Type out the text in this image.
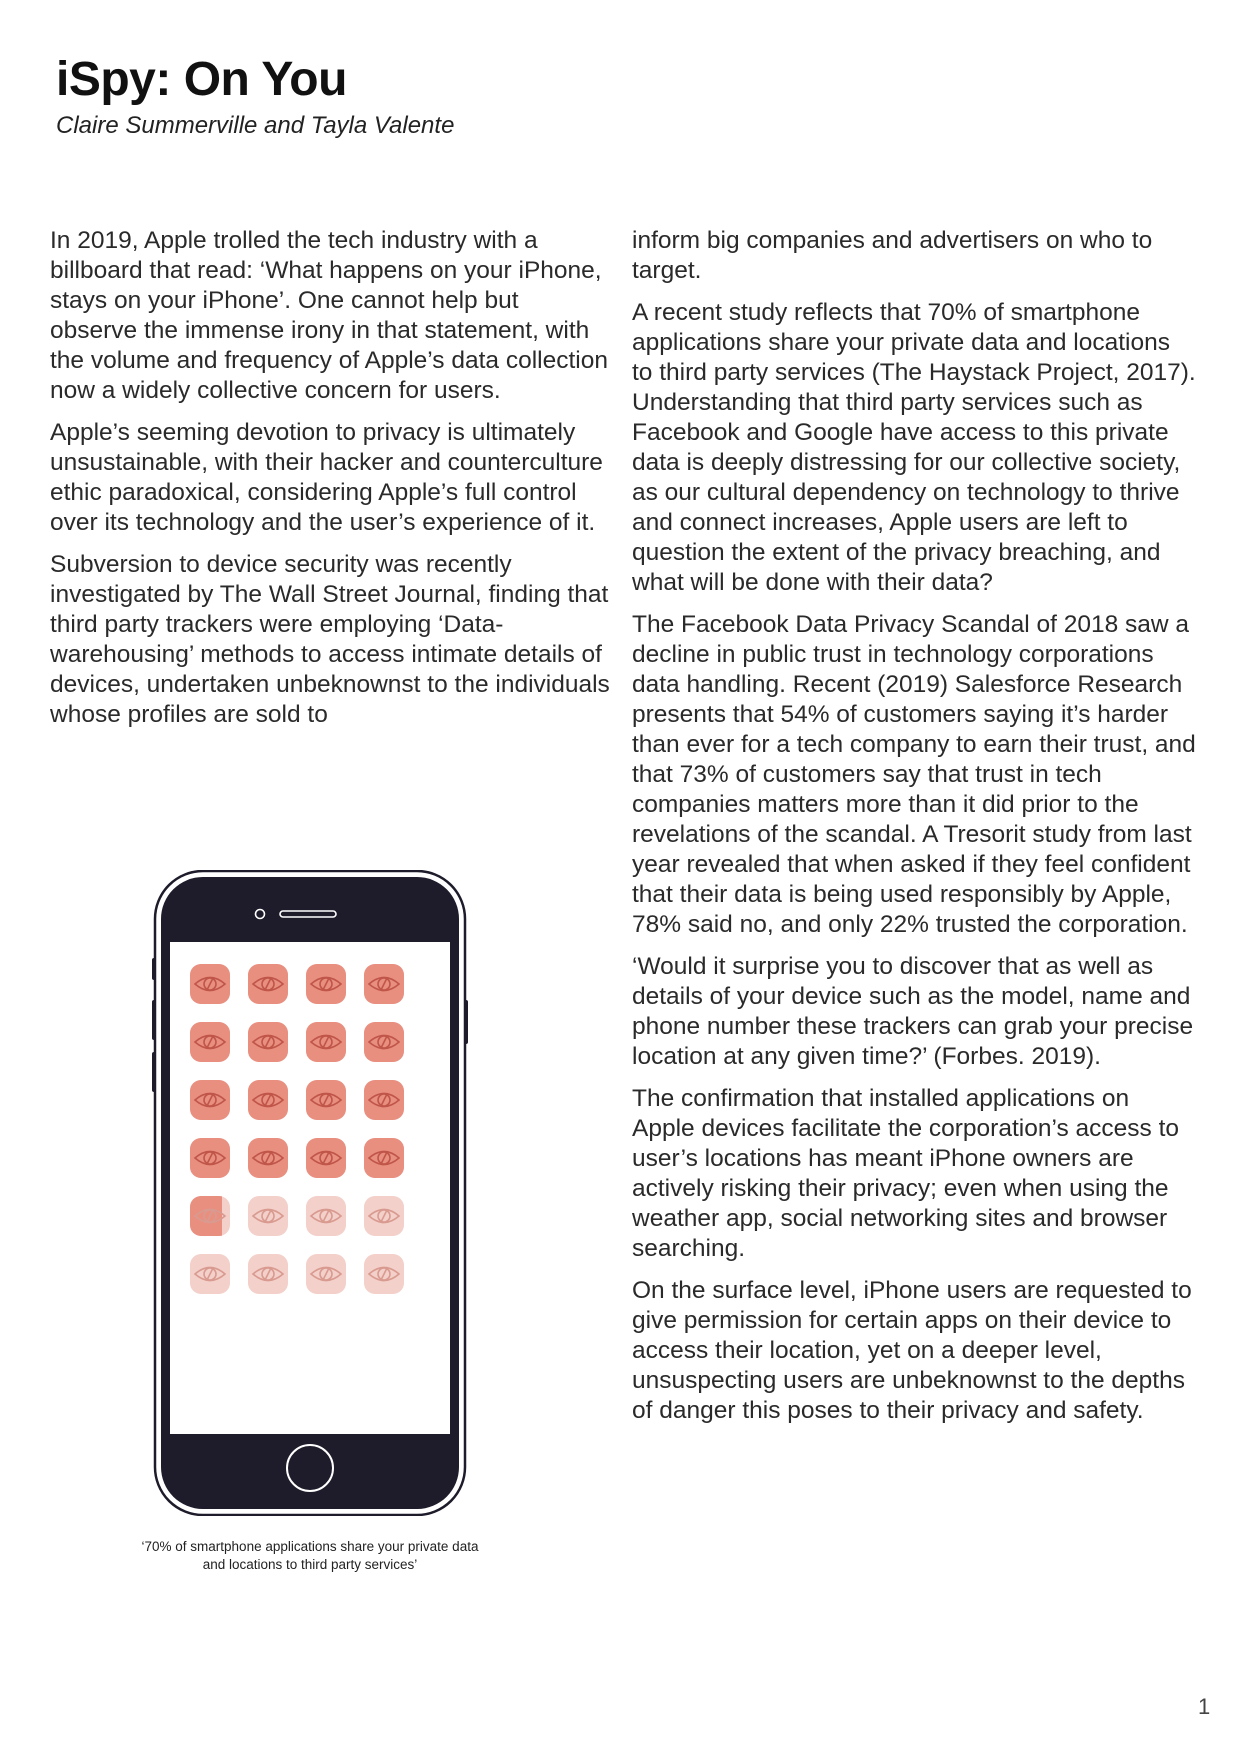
iSpy: On You

Claire Summerville and Tayla Valente

In 2019, Apple trolled the tech industry with a billboard that read: ‘What happens on your iPhone, stays on your iPhone’. One cannot help but observe the immense irony in that statement, with the volume and frequency of Apple’s data collection now a widely collective concern for users.

Apple’s seeming devotion to privacy is ultimately unsustainable, with their hacker and counterculture ethic paradoxical, considering Apple’s full control over its technology and the user’s experience of it.

Subversion to device security was recently investigated by The Wall Street Journal, finding that third party trackers were employing ‘Data-warehousing’ methods to access intimate details of devices, undertaken unbeknownst to the individuals whose profiles are sold to

inform big companies and advertisers on who to target.

A recent study reflects that 70% of smartphone applications share your private data and locations to third party services (The Haystack Project, 2017). Understanding that third party services such as Facebook and Google have access to this private data is deeply distressing for our collective society, as our cultural dependency on technology to thrive and connect increases, Apple users are left to question the extent of the privacy breaching, and what will be done with their data?

The Facebook Data Privacy Scandal of 2018 saw a decline in public trust in technology corporations data handling. Recent (2019) Salesforce Research presents that 54% of customers saying it’s harder than ever for a tech company to earn their trust, and that 73% of customers say that trust in tech companies matters more than it did prior to the revelations of the scandal. A Tresorit study from last year revealed that when asked if they feel confident that their data is being used responsibly by Apple, 78% said no, and only 22% trusted the corporation.

‘Would it surprise you to discover that as well as details of your device such as the model, name and phone number these trackers can grab your precise location at any given time?’ (Forbes. 2019).

The confirmation that installed applications on Apple devices facilitate the corporation’s access to user’s locations has meant iPhone owners are actively risking their privacy; even when using the weather app, social networking sites and browser searching.

On the surface level, iPhone users are requested to give permission for certain apps on their device to access their location, yet on a deeper level, unsuspecting users are unbeknownst to the depths of danger this poses to their privacy and safety.

‘70% of smartphone applications share your private data and locations to third party services’
1
